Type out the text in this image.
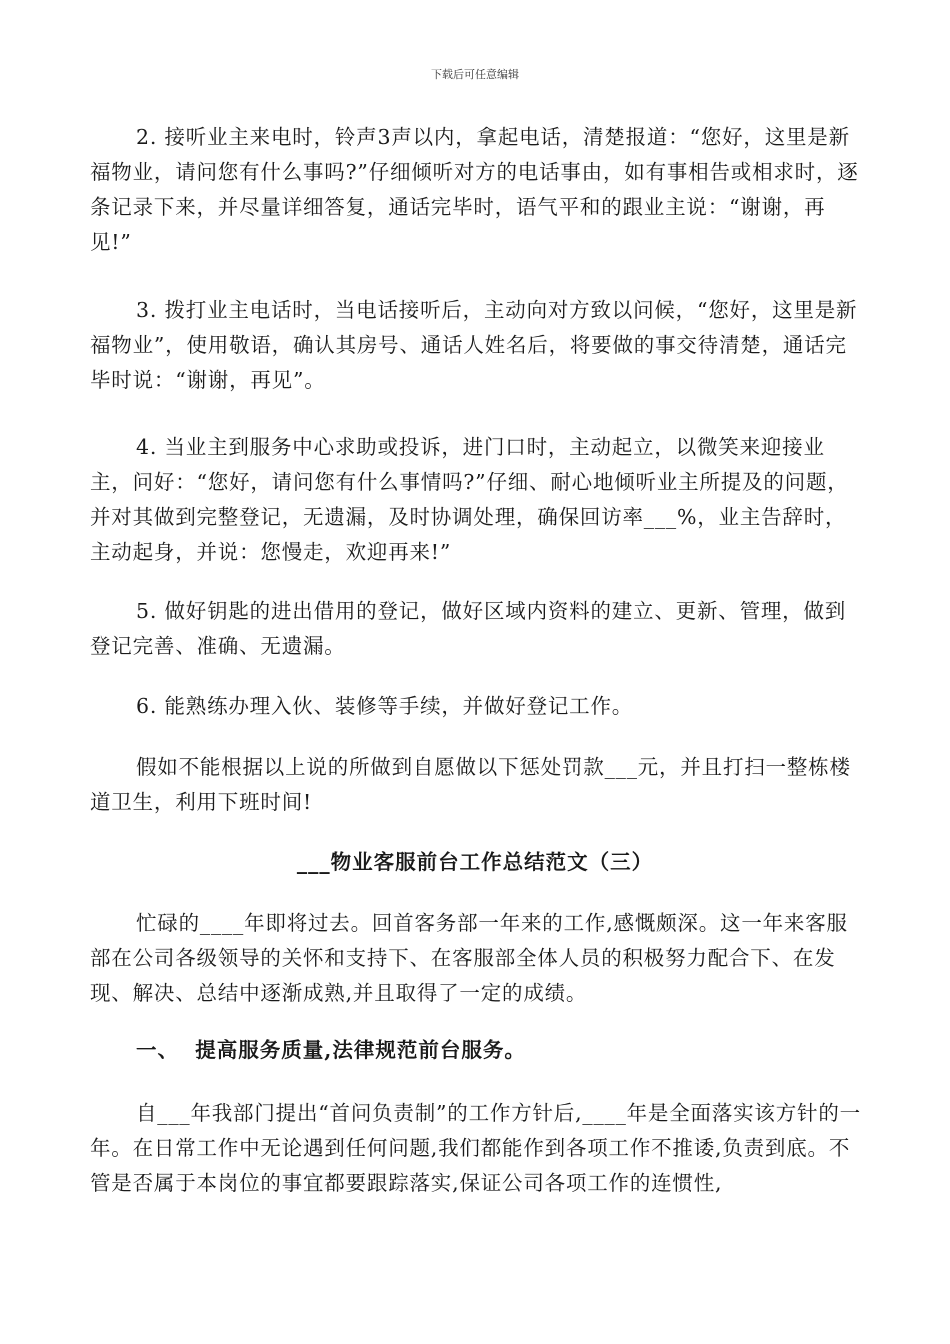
下载后可任意编辑

2. 接听业主来电时，铃声3声以内，拿起电话，清楚报道：“您好，这里是新福物业，请问您有什么事吗?”仔细倾听对方的电话事由，如有事相告或相求时，逐条记录下来，并尽量详细答复，通话完毕时，语气平和的跟业主说：“谢谢，再见!”

3. 拨打业主电话时，当电话接听后，主动向对方致以问候，“您好，这里是新福物业”，使用敬语，确认其房号、通话人姓名后，将要做的事交待清楚，通话完毕时说：“谢谢，再见”。

4. 当业主到服务中心求助或投诉，进门口时，主动起立，以微笑来迎接业主，问好：“您好，请问您有什么事情吗?”仔细、耐心地倾听业主所提及的问题，并对其做到完整登记，无遗漏，及时协调处理，确保回访率___%，业主告辞时，主动起身，并说：您慢走，欢迎再来!”

5. 做好钥匙的进出借用的登记，做好区域内资料的建立、更新、管理，做到登记完善、准确、无遗漏。

6. 能熟练办理入伙、装修等手续，并做好登记工作。

假如不能根据以上说的所做到自愿做以下惩处罚款___元，并且打扫一整栋楼道卫生，利用下班时间!

___物业客服前台工作总结范文（三）

忙碌的____年即将过去。回首客务部一年来的工作,感慨颇深。这一年来客服部在公司各级领导的关怀和支持下、在客服部全体人员的积极努力配合下、在发现、解决、总结中逐渐成熟,并且取得了一定的成绩。

一、  提高服务质量,法律规范前台服务。

自___年我部门提出“首问负责制”的工作方针后,____年是全面落实该方针的一年。在日常工作中无论遇到任何问题,我们都能作到各项工作不推诿,负责到底。不管是否属于本岗位的事宜都要跟踪落实,保证公司各项工作的连惯性,
